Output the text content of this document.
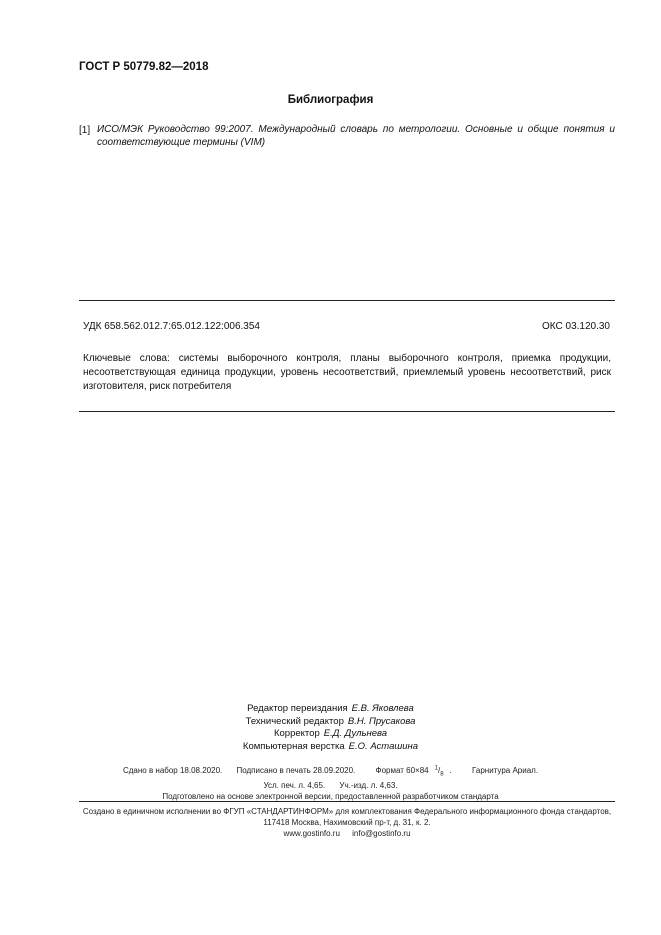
ГОСТ Р 50779.82—2018
Библиография
[1] ИСО/МЭК Руководство 99:2007. Международный словарь по метрологии. Основные и общие понятия и соответствующие термины (VIM)
УДК 658.562.012.7:65.012.122:006.354	ОКС 03.120.30
Ключевые слова: системы выборочного контроля, планы выборочного контроля, приемка продукции, несоответствующая единица продукции, уровень несоответствий, приемлемый уровень несоответствий, риск изготовителя, риск потребителя
Редактор переиздания Е.В. Яковлева
Технический редактор В.Н. Прусакова
Корректор Е.Д. Дульнева
Компьютерная верстка Е.О. Асташина
Сдано в набор 18.08.2020. Подписано в печать 28.09.2020.	Формат 60×84 $^1/_8$ .	Гарнитура Ариал.
Усл. печ. л. 4,65. Уч.-изд. л. 4,63.
Подготовлено на основе электронной версии, предоставленной разработчиком стандарта
Создано в единичном исполнении во ФГУП «СТАНДАРТИНФОРМ» для комплектования Федерального информационного фонда стандартов, 117418 Москва, Нахимовский пр-т, д. 31, к. 2.
www.gostinfo.ru info@gostinfo.ru
